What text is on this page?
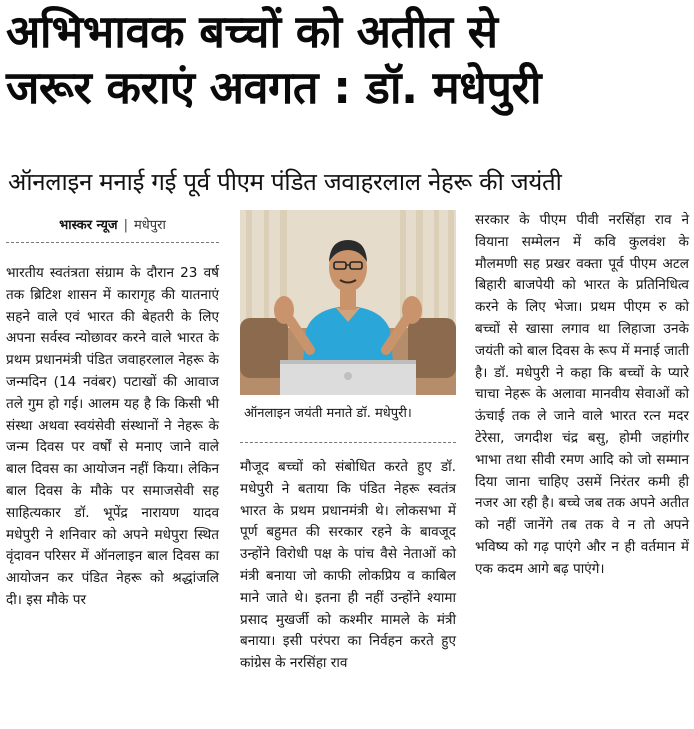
अभिभावक बच्चों को अतीत से
जरूर कराएं अवगत : डॉ. मधेपुरी
ऑनलाइन मनाई गई पूर्व पीएम पंडित जवाहरलाल नेहरू की जयंती
भास्कर न्यूज | मधेपुरा

भारतीय स्वतंत्रता संग्राम के दौरान 23 वर्ष तक ब्रिटिश शासन में कारागृह की यातनाएं सहने वाले एवं भारत की बेहतरी के लिए अपना सर्वस्व न्योछावर करने वाले भारत के प्रथम प्रधानमंत्री पंडित जवाहरलाल नेहरू के जन्मदिन (14 नवंबर) पटाखों की आवाज तले गुम हो गई। आलम यह है कि किसी भी संस्था अथवा स्वयंसेवी संस्थानों ने नेहरू के जन्म दिवस पर वर्षों से मनाए जाने वाले बाल दिवस का आयोजन नहीं किया। लेकिन बाल दिवस के मौके पर समाजसेवी सह साहित्यकार डॉ. भूपेंद्र नारायण यादव मधेपुरी ने शनिवार को अपने मधेपुरा स्थित वृंदावन परिसर में ऑनलाइन बाल दिवस का आयोजन कर पंडित नेहरू को श्रद्धांजलि दी। इस मौके पर

ऑनलाइन जयंती मनाते डॉ. मधेपुरी।

मौजूद बच्चों को संबोधित करते हुए डॉ. मधेपुरी ने बताया कि पंडित नेहरू स्वतंत्र भारत के प्रथम प्रधानमंत्री थे। लोकसभा में पूर्ण बहुमत की सरकार रहने के बावजूद उन्होंने विरोधी पक्ष के पांच वैसे नेताओं को मंत्री बनाया जो काफी लोकप्रिय व काबिल माने जाते थे। इतना ही नहीं उन्होंने श्यामा प्रसाद मुखर्जी को कश्मीर मामले के मंत्री बनाया। इसी परंपरा का निर्वहन करते हुए कांग्रेस के नरसिंहा राव

सरकार के पीएम पीवी नरसिंहा राव ने वियाना सम्मेलन में कवि कुलवंश के मौलमणी सह प्रखर वक्ता पूर्व पीएम अटल बिहारी बाजपेयी को भारत के प्रतिनिधित्व करने के लिए भेजा। प्रथम पीएम रु को बच्चों से खासा लगाव था लिहाजा उनके जयंती को बाल दिवस के रूप में मनाई जाती है। डॉ. मधेपुरी ने कहा कि बच्चों के प्यारे चाचा नेहरू के अलावा मानवीय सेवाओं को ऊंचाई तक ले जाने वाले भारत रत्न मदर टेरेसा, जगदीश चंद्र बसु, होमी जहांगीर भाभा तथा सीवी रमण आदि को जो सम्मान दिया जाना चाहिए उसमें निरंतर कमी ही नजर आ रही है। बच्चे जब तक अपने अतीत को नहीं जानेंगे तब तक वे न तो अपने भविष्य को गढ़ पाएंगे और न ही वर्तमान में एक कदम आगे बढ़ पाएंगे।
